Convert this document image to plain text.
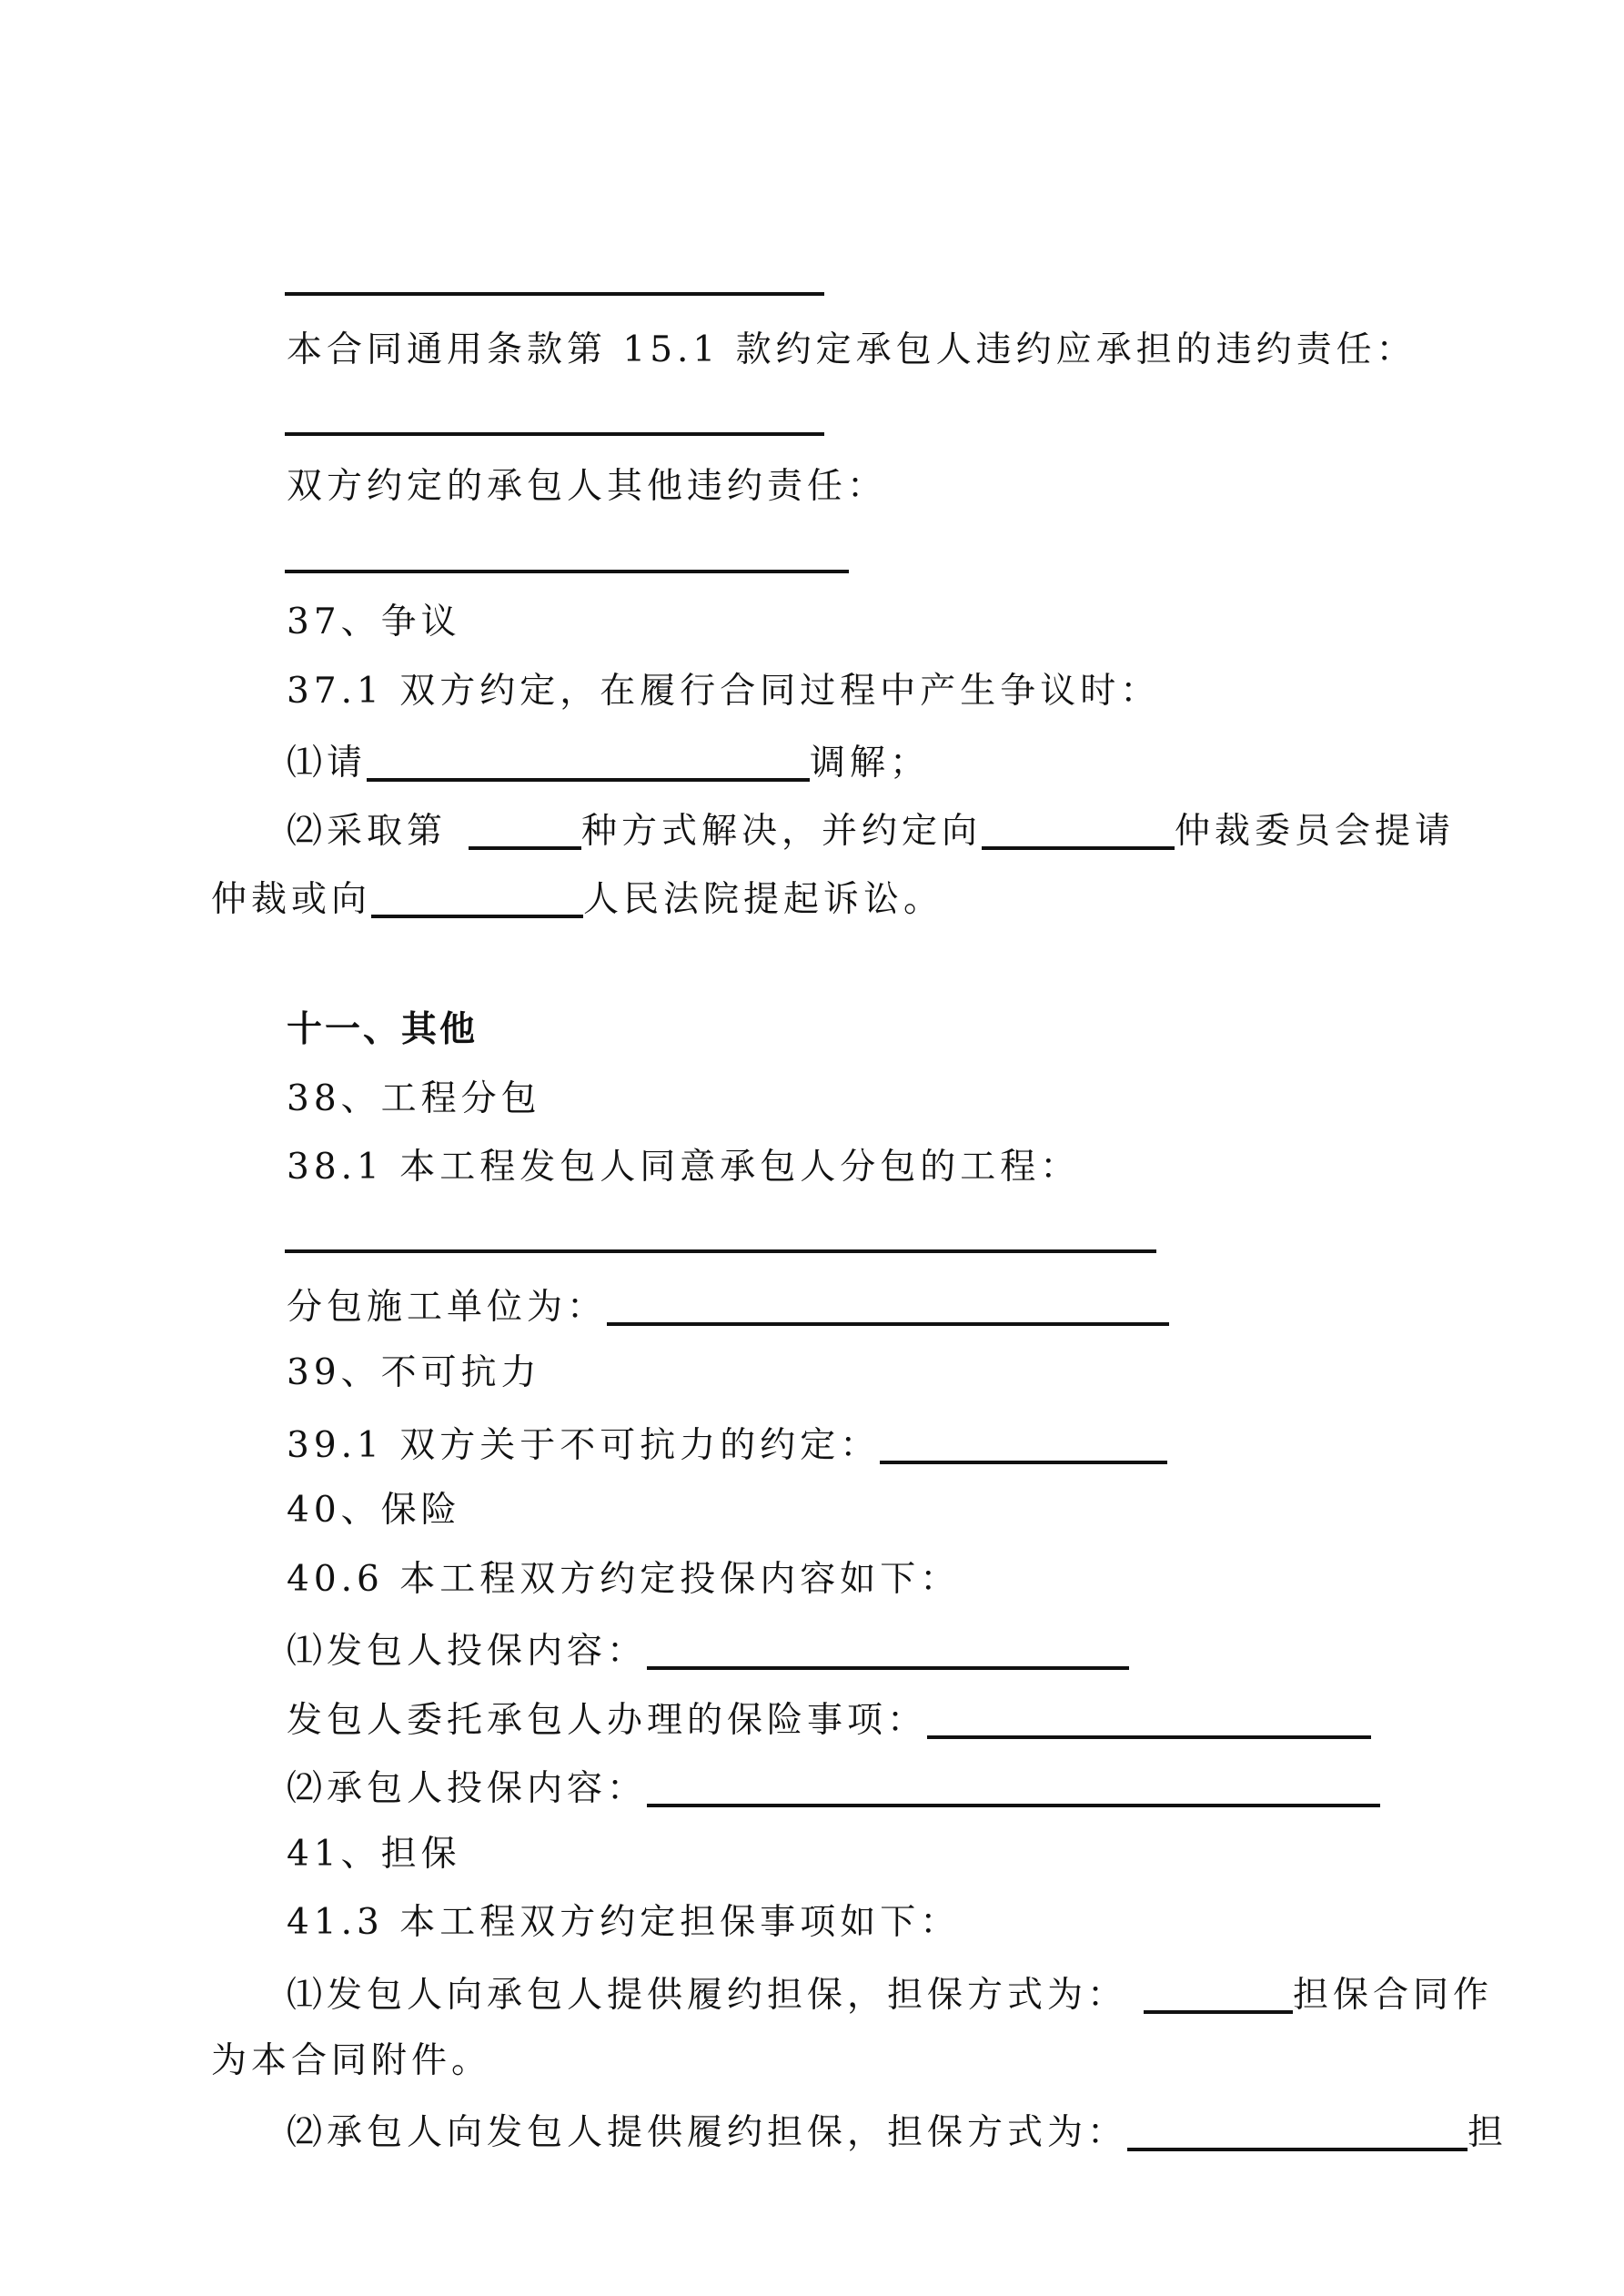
本合同通用条款第 15.1 款约定承包人违约应承担的违约责任：
双方约定的承包人其他违约责任：
37、争议
37.1 双方约定，在履行合同过程中产生争议时：
⑴请	调解；
⑵采取第	种方式解决，并约定向	仲裁委员会提请
仲裁或向	人民法院提起诉讼。
十一、其他
38、工程分包
38.1 本工程发包人同意承包人分包的工程：
分包施工单位为：
39、不可抗力
39.1 双方关于不可抗力的约定：
40、保险
40.6 本工程双方约定投保内容如下：
⑴发包人投保内容：
发包人委托承包人办理的保险事项：
⑵承包人投保内容：
41、担保
41.3 本工程双方约定担保事项如下：
⑴发包人向承包人提供履约担保，担保方式为：	担保合同作
为本合同附件。
⑵承包人向发包人提供履约担保，担保方式为：	担
